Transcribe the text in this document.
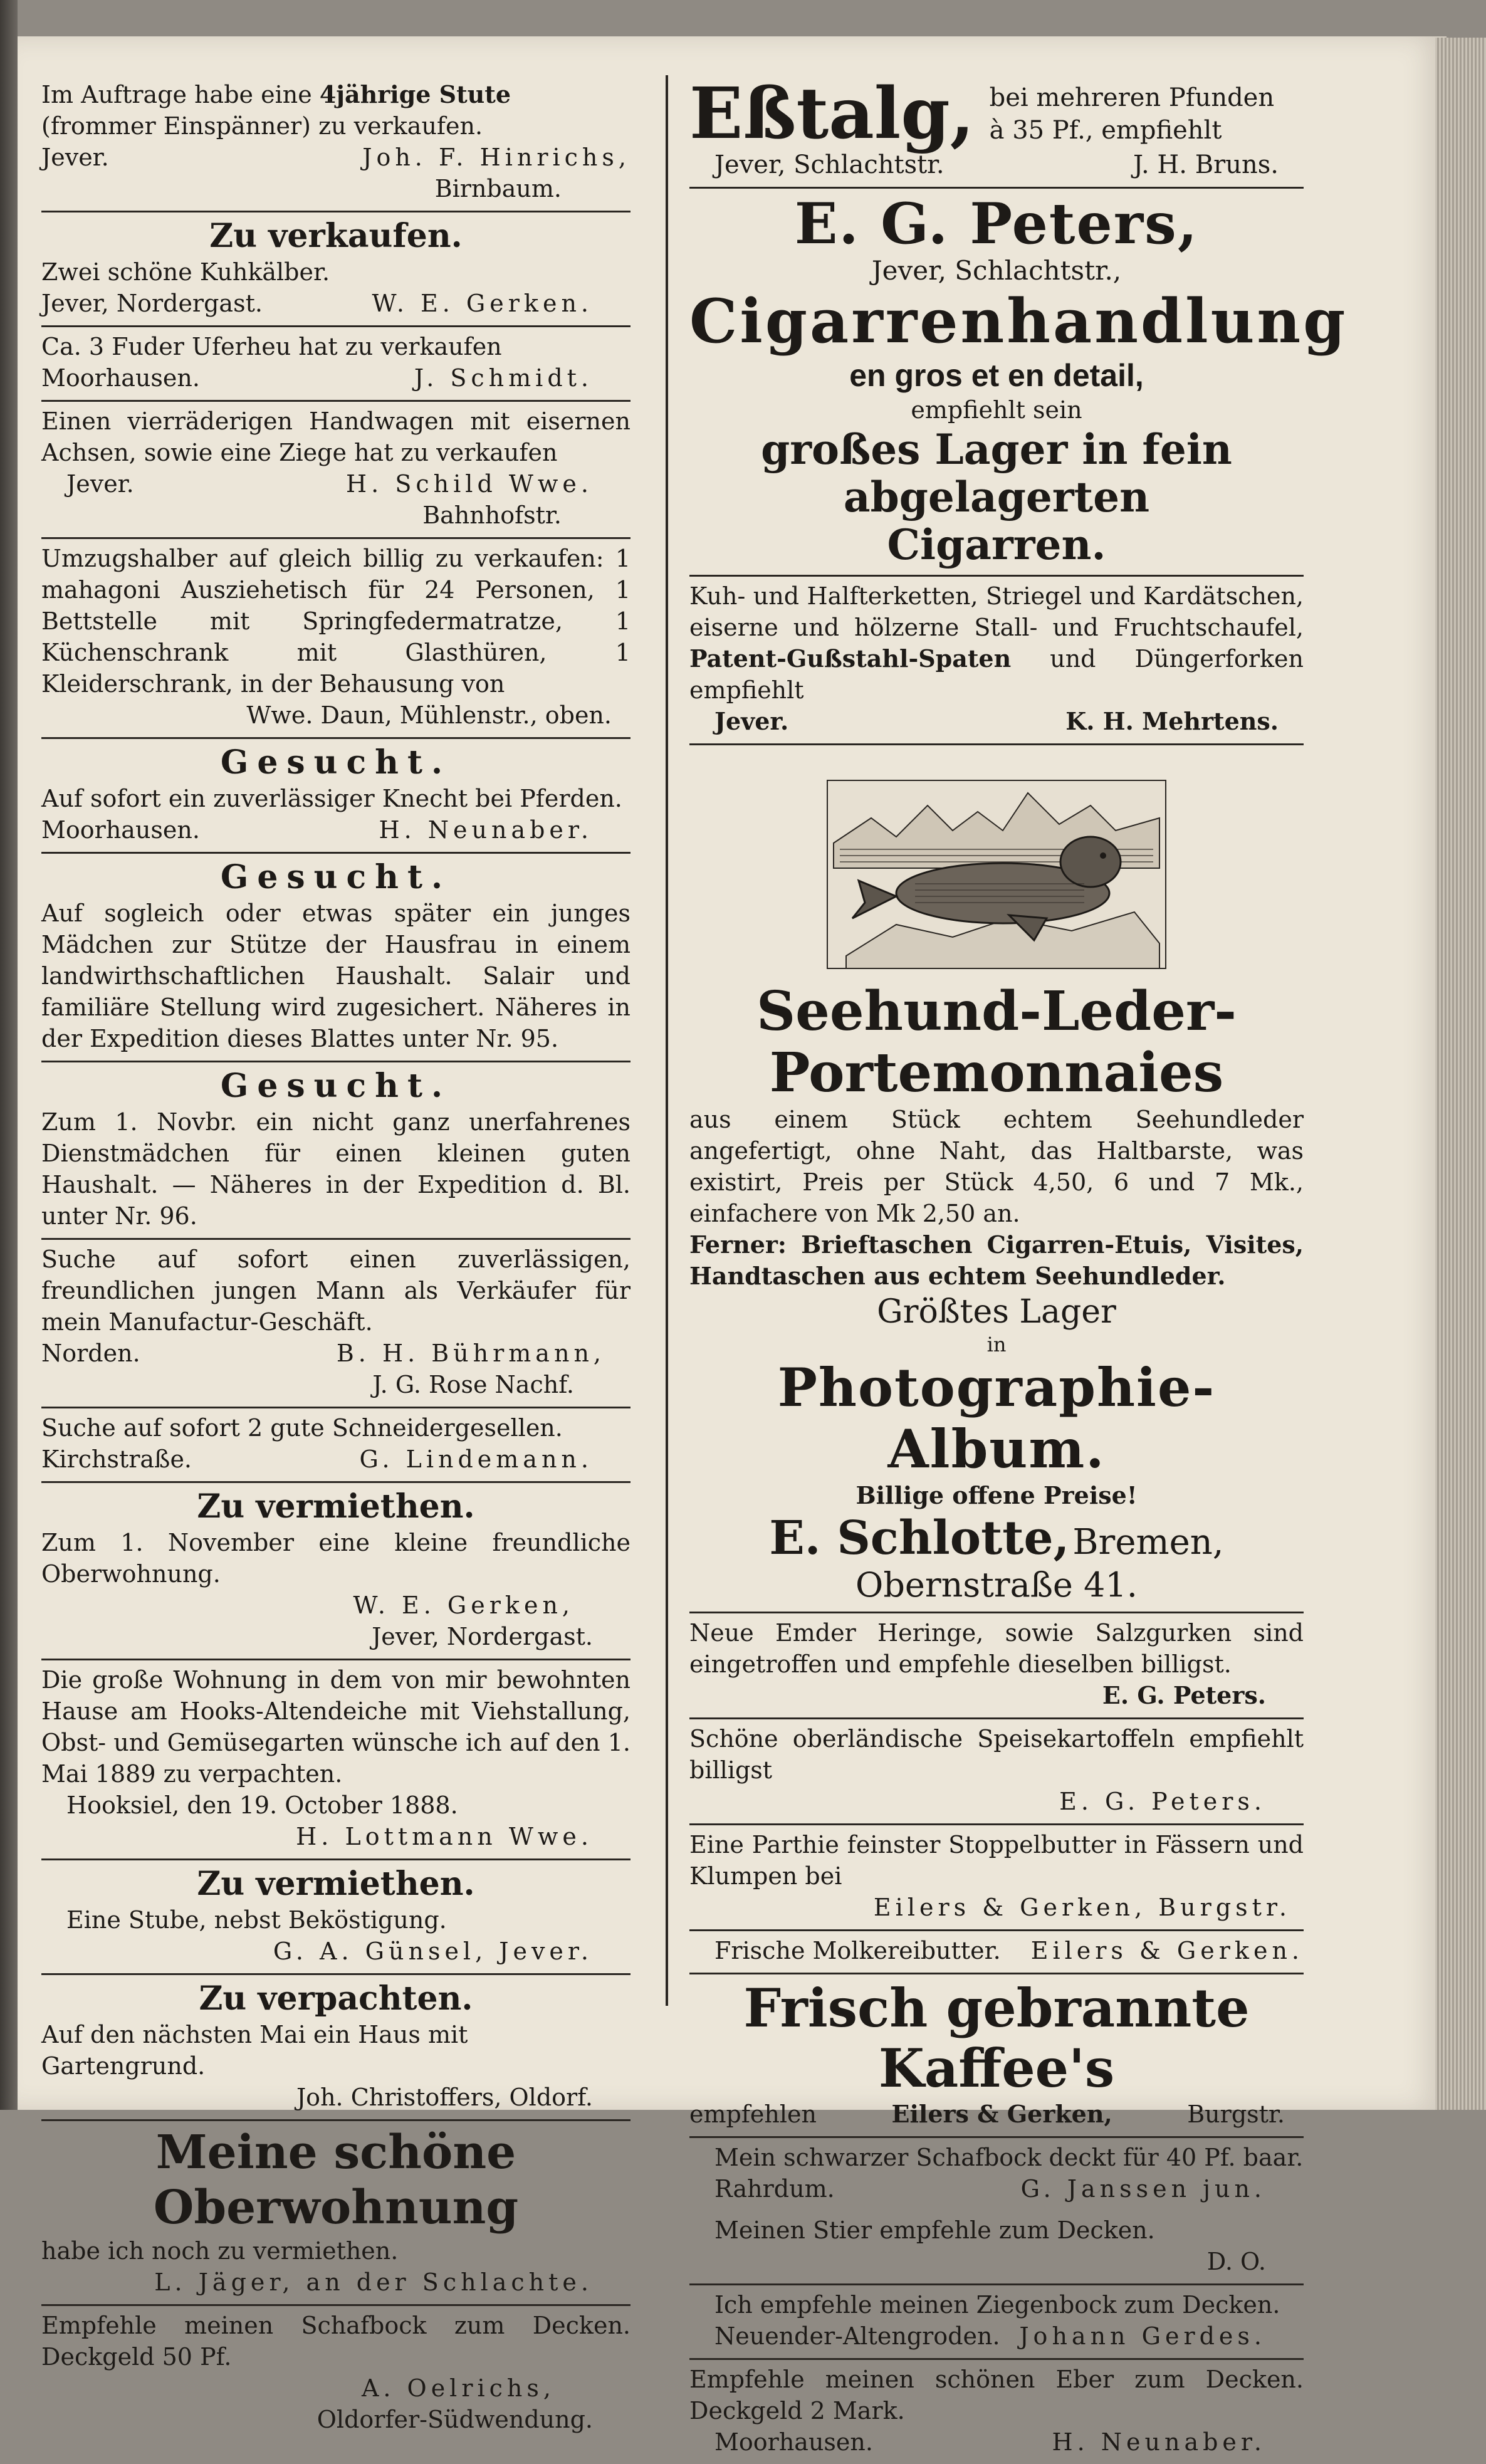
Im Auftrage habe eine 4jährige Stute
(frommer Einspänner) zu verkaufen.
Jever.	Joh. F. Hinrichs,
Birnbaum.
Zu verkaufen.
Zwei schöne Kuhkälber.
Jever, Nordergast.	W. E. Gerken.
Ca. 3 Fuder Uferheu hat zu verkaufen
Moorhausen.	J. Schmidt.
Einen vierräderigen Handwagen mit eisernen Achsen, sowie eine Ziege hat zu verkaufen
Jever.	H. Schild Wwe.
Bahnhofstr.
Umzugshalber auf gleich billig zu verkaufen: 1 mahagoni Ausziehetisch für 24 Personen, 1 Bettstelle mit Springfedermatratze, 1 Küchenschrank mit Glasthüren, 1 Kleiderschrank, in der Behausung von
Wwe. Daun, Mühlenstr., oben.
Gesucht.
Auf sofort ein zuverlässiger Knecht bei Pferden.
Moorhausen.	H. Neunaber.
Gesucht.
Auf sogleich oder etwas später ein junges Mädchen zur Stütze der Hausfrau in einem landwirthschaftlichen Haushalt. Salair und familiäre Stellung wird zugesichert. Näheres in der Expedition dieses Blattes unter Nr. 95.
Gesucht.
Zum 1. Novbr. ein nicht ganz unerfahrenes Dienstmädchen für einen kleinen guten Haushalt. — Näheres in der Expedition d. Bl. unter Nr. 96.
Suche auf sofort einen zuverlässigen, freundlichen jungen Mann als Verkäufer für mein Manufactur-Geschäft.
Norden.	B. H. Bührmann,
J. G. Rose Nachf.
Suche auf sofort 2 gute Schneidergesellen.
Kirchstraße.	G. Lindemann.
Zu vermiethen.
Zum 1. November eine kleine freundliche Oberwohnung.
W. E. Gerken,
Jever, Nordergast.
Die große Wohnung in dem von mir bewohnten Hause am Hooks-Altendeiche mit Viehstallung, Obst- und Gemüsegarten wünsche ich auf den 1. Mai 1889 zu verpachten.
Hooksiel, den 19. October 1888.
H. Lottmann Wwe.
Zu vermiethen.
Eine Stube, nebst Beköstigung.
G. A. Günsel, Jever.
Zu verpachten.
Auf den nächsten Mai ein Haus mit Gartengrund.
Joh. Christoffers, Oldorf.
Meine schöne Oberwohnung
habe ich noch zu vermiethen.
L. Jäger, an der Schlachte.
Empfehle meinen Schafbock zum Decken. Deckgeld 50 Pf.
A. Oelrichs,
Oldorfer-Südwendung.
Eßtalg, bei mehreren Pfunden
à 35 Pf., empfiehlt
Jever, Schlachtstr.	J. H. Bruns.
E. G. Peters,
Jever, Schlachtstr.,
Cigarrenhandlung
en gros et en detail,
empfiehlt sein
großes Lager in fein abgelagerten
Cigarren.
Kuh- und Halfterketten, Striegel und Kardätschen, eiserne und hölzerne Stall- und Fruchtschaufel, Patent-Gußstahl-Spaten und Düngerforken empfiehlt
Jever.	K. H. Mehrtens.
Seehund-Leder-
Portemonnaies
aus einem Stück echtem Seehundleder angefertigt, ohne Naht, das Haltbarste, was existirt, Preis per Stück 4,50, 6 und 7 Mk., einfachere von Mk 2,50 an.
Ferner: Brieftaschen Cigarren-Etuis, Visites, Handtaschen aus echtem Seehundleder.
Größtes Lager
in
Photographie-Album.
Billige offene Preise!
E. Schlotte, Bremen,
Obernstraße 41.
Neue Emder Heringe, sowie Salzgurken sind eingetroffen und empfehle dieselben billigst.
E. G. Peters.
Schöne oberländische Speisekartoffeln empfiehlt billigst
E. G. Peters.
Eine Parthie feinster Stoppelbutter in Fässern und Klumpen bei
Eilers & Gerken, Burgstr.
Frische Molkereibutter. Eilers & Gerken.
Frisch gebrannte Kaffee's
empfehlen	Eilers & Gerken,	Burgstr.
Mein schwarzer Schafbock deckt für 40 Pf. baar.
Rahrdum.	G. Janssen jun.
Meinen Stier empfehle zum Decken.
D. O.
Ich empfehle meinen Ziegenbock zum Decken.
Neuender-Altengroden. Johann Gerdes.
Empfehle meinen schönen Eber zum Decken. Deckgeld 2 Mark.
Moorhausen.	H. Neunaber.
